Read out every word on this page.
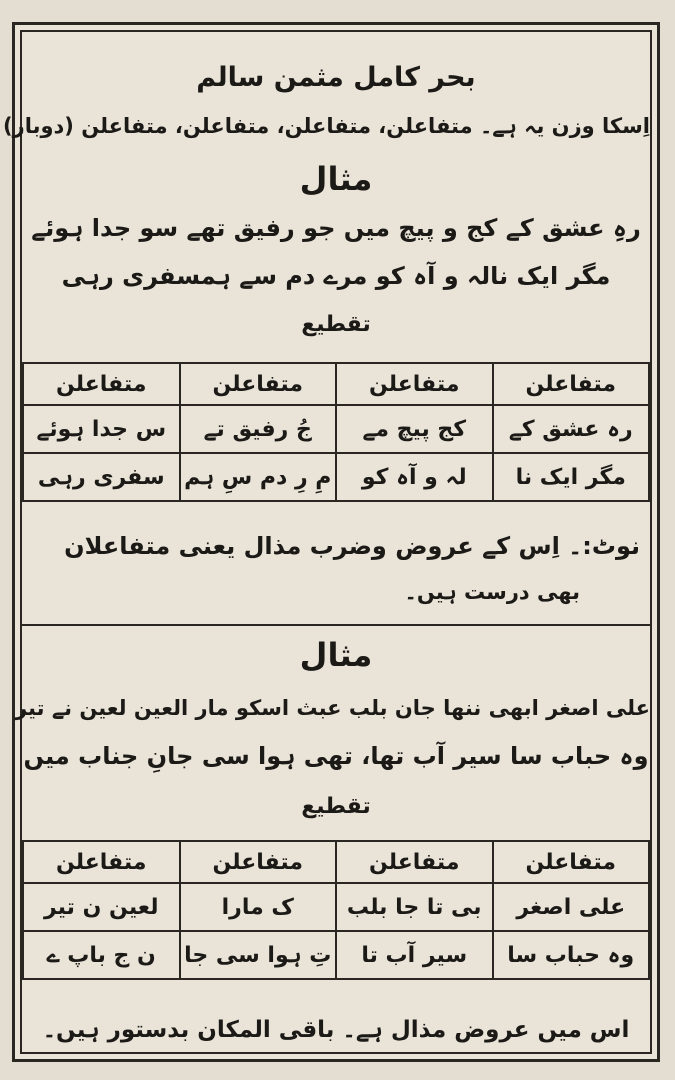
بحر کامل مثمن سالم
اِسکا وزن یہ ہے۔ متفاعلن، متفاعلن، متفاعلن، متفاعلن (دوبار)
مثال
رہِ عشق کے کج و پیچ میں جو رفیق تھے سو جدا ہوئے
مگر ایک نالہ و آہ کو مرے دم سے ہمسفری رہی
تقطیع
متفاعلن	متفاعلن	متفاعلن	متفاعلن
رہ عشق کے	کج پیچ مے	جُ رفیق تے	س جدا ہوئے
مگر ایک نا	لہ و آہ کو	مِ رِ دم سِ ہم	سفری رہی
نوٹ:۔ اِس کے عروض وضرب مذال یعنی متفاعلان
بھی درست ہیں۔
مثال
علی اصغر ابھی ننھا جان بلب عبث اسکو مار العین لعین نے تیر
وہ حباب سا سیر آب تھا، تھی ہوا سی جانِ جناب میں
تقطیع
متفاعلن	متفاعلن	متفاعلن	متفاعلن
علی اصغر	بی تا جا بلب	ک مارا	لعین ن تیر
وہ حباب سا	سیر آب تا	تِ ہوا سی جا	ن ج باپ ے
اس میں عروض مذال ہے۔ باقی المکان بدستور ہیں۔
